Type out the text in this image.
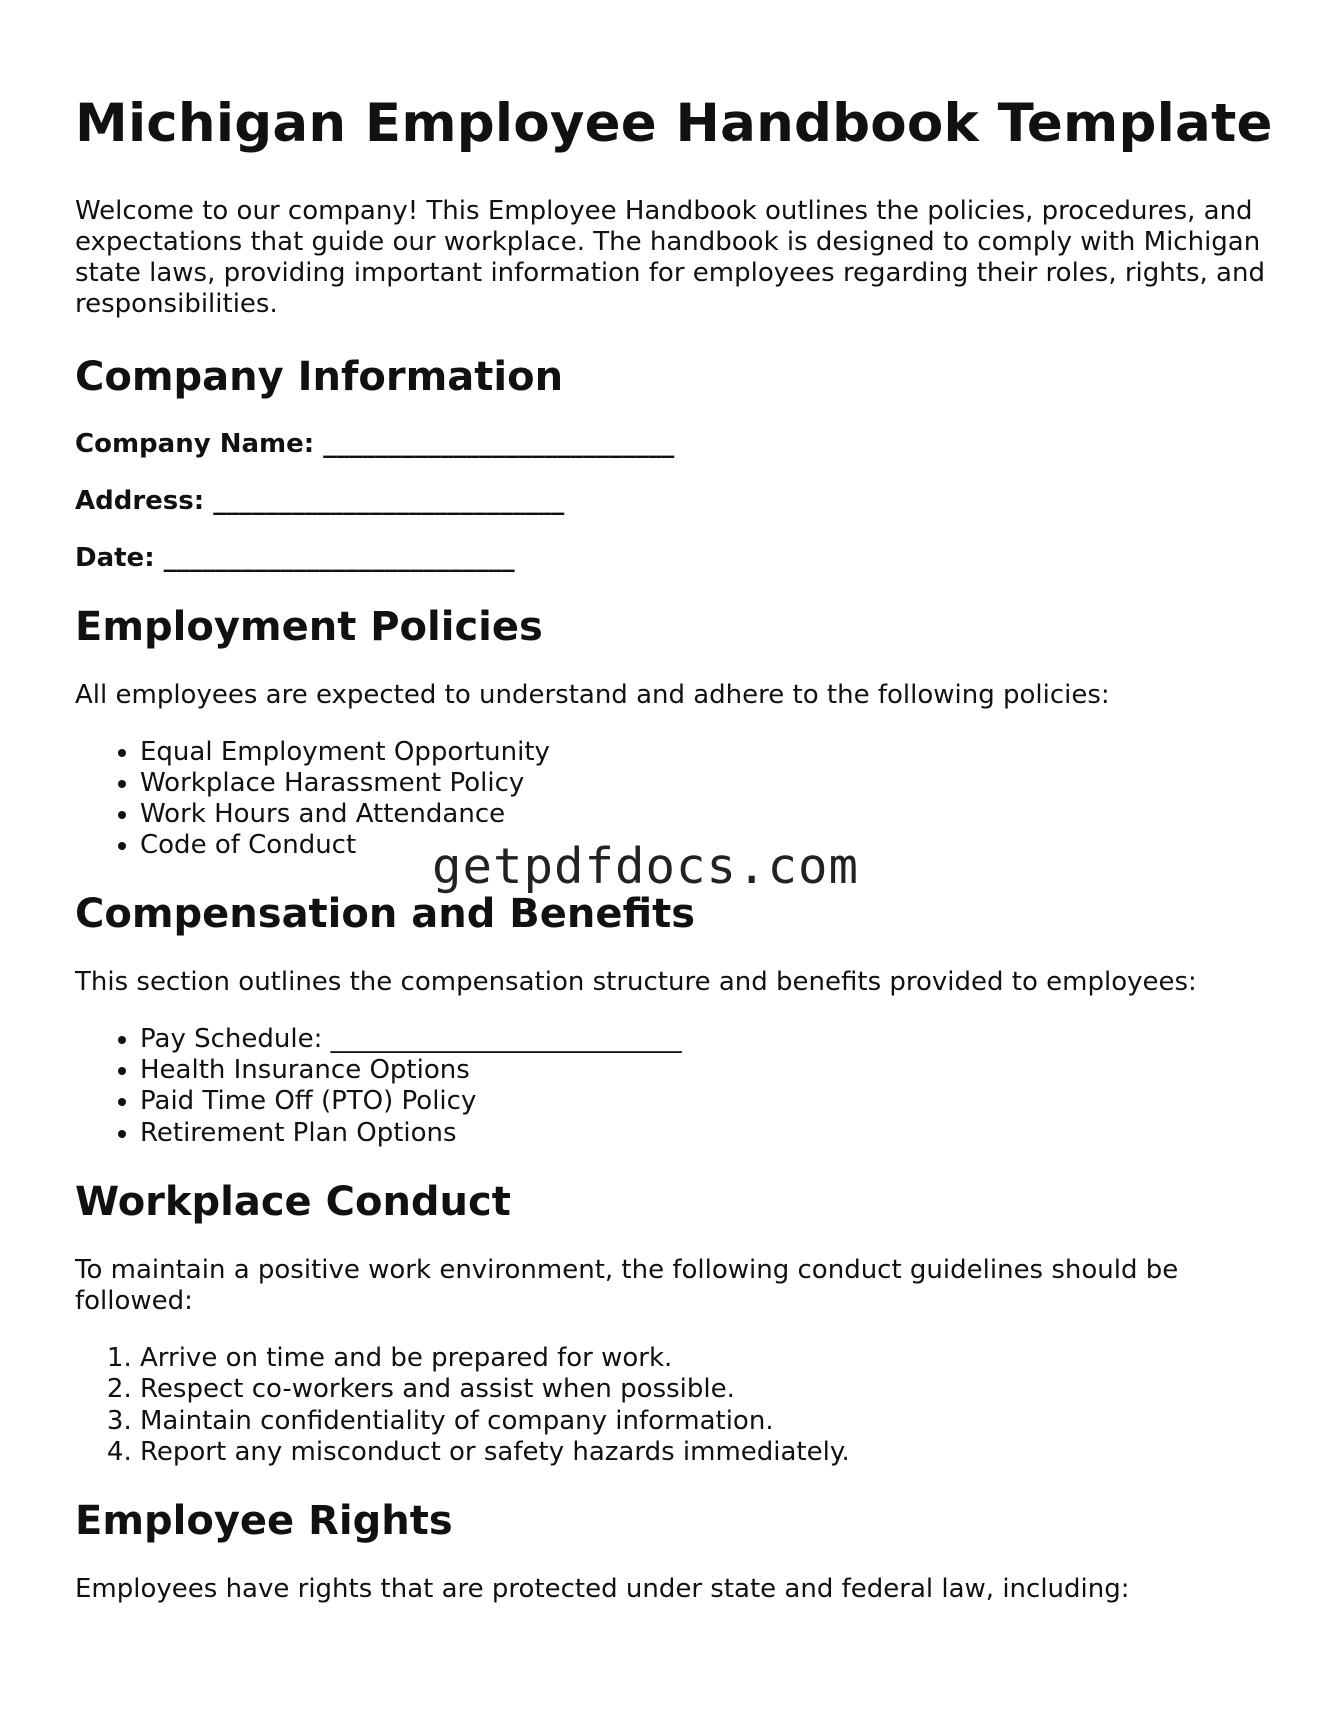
Michigan Employee Handbook Template

Welcome to our company! This Employee Handbook outlines the policies, procedures, and expectations that guide our workplace. The handbook is designed to comply with Michigan state laws, providing important information for employees regarding their roles, rights, and responsibilities.

Company Information

Company Name: ___________________________

Address: ___________________________

Date: ___________________________

Employment Policies

All employees are expected to understand and adhere to the following policies:

• Equal Employment Opportunity
• Workplace Harassment Policy
• Work Hours and Attendance
• Code of Conduct
Compensation and Benefits

This section outlines the compensation structure and benefits provided to employees:

• Pay Schedule: ___________________________
• Health Insurance Options
• Paid Time Off (PTO) Policy
• Retirement Plan Options
Workplace Conduct

To maintain a positive work environment, the following conduct guidelines should be followed:

1. Arrive on time and be prepared for work.
2. Respect co-workers and assist when possible.
3. Maintain confidentiality of company information.
4. Report any misconduct or safety hazards immediately.
Employee Rights

Employees have rights that are protected under state and federal law, including:

getpdfdocs.com
